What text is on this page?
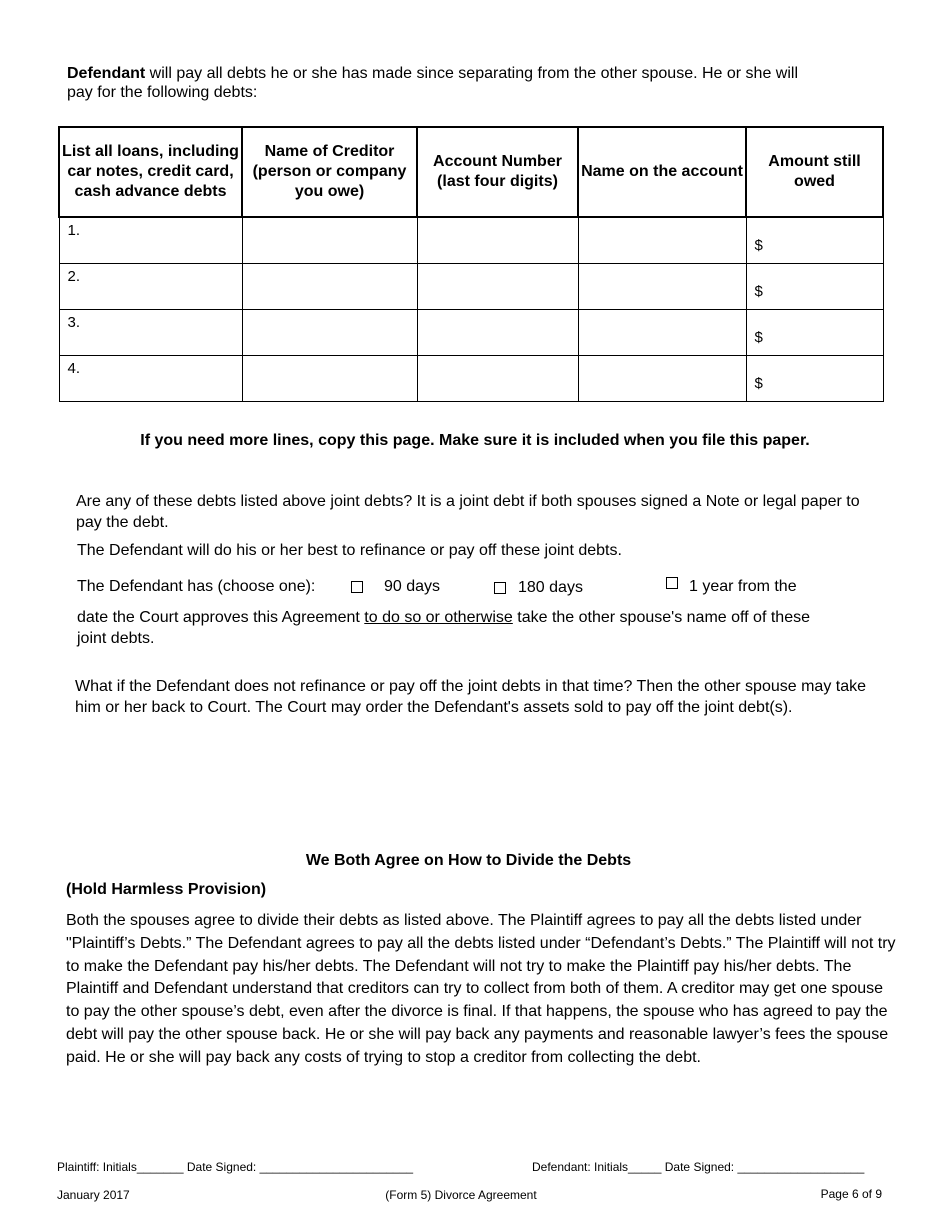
Defendant will pay all debts he or she has made since separating from the other spouse. He or she will pay for the following debts:
List all loans, including car notes, credit card, cash advance debts	Name of Creditor (person or company you owe)	Account Number (last four digits)	Name on the account	Amount still owed

1.				$

2.				$

3.				$

4.				$
If you need more lines, copy this page. Make sure it is included when you file this paper.
Are any of these debts listed above joint debts? It is a joint debt if both spouses signed a Note or legal paper to pay the debt.
The Defendant will do his or her best to refinance or pay off these joint debts.
The Defendant has (choose one):	90 days	180 days	1 year from the
date the Court approves this Agreement to do so or otherwise take the other spouse's name off of these joint debts.
What if the Defendant does not refinance or pay off the joint debts in that time? Then the other spouse may take him or her back to Court. The Court may order the Defendant's assets sold to pay off the joint debt(s).
We Both Agree on How to Divide the Debts
(Hold Harmless Provision)
Both the spouses agree to divide their debts as listed above. The Plaintiff agrees to pay all the debts listed under "Plaintiff’s Debts.” The Defendant agrees to pay all the debts listed under “Defendant’s Debts.” The Plaintiff will not try to make the Defendant pay his/her debts. The Defendant will not try to make the Plaintiff pay his/her debts. The Plaintiff and Defendant understand that creditors can try to collect from both of them. A creditor may get one spouse to pay the other spouse’s debt, even after the divorce is final. If that happens, the spouse who has agreed to pay the debt will pay the other spouse back. He or she will pay back any payments and reasonable lawyer’s fees the spouse paid. He or she will pay back any costs of trying to stop a creditor from collecting the debt.
Plaintiff: Initials_______ Date Signed: _______________________	Defendant: Initials_____ Date Signed: ___________________
January 2017	(Form 5) Divorce Agreement	Page 6 of 9
